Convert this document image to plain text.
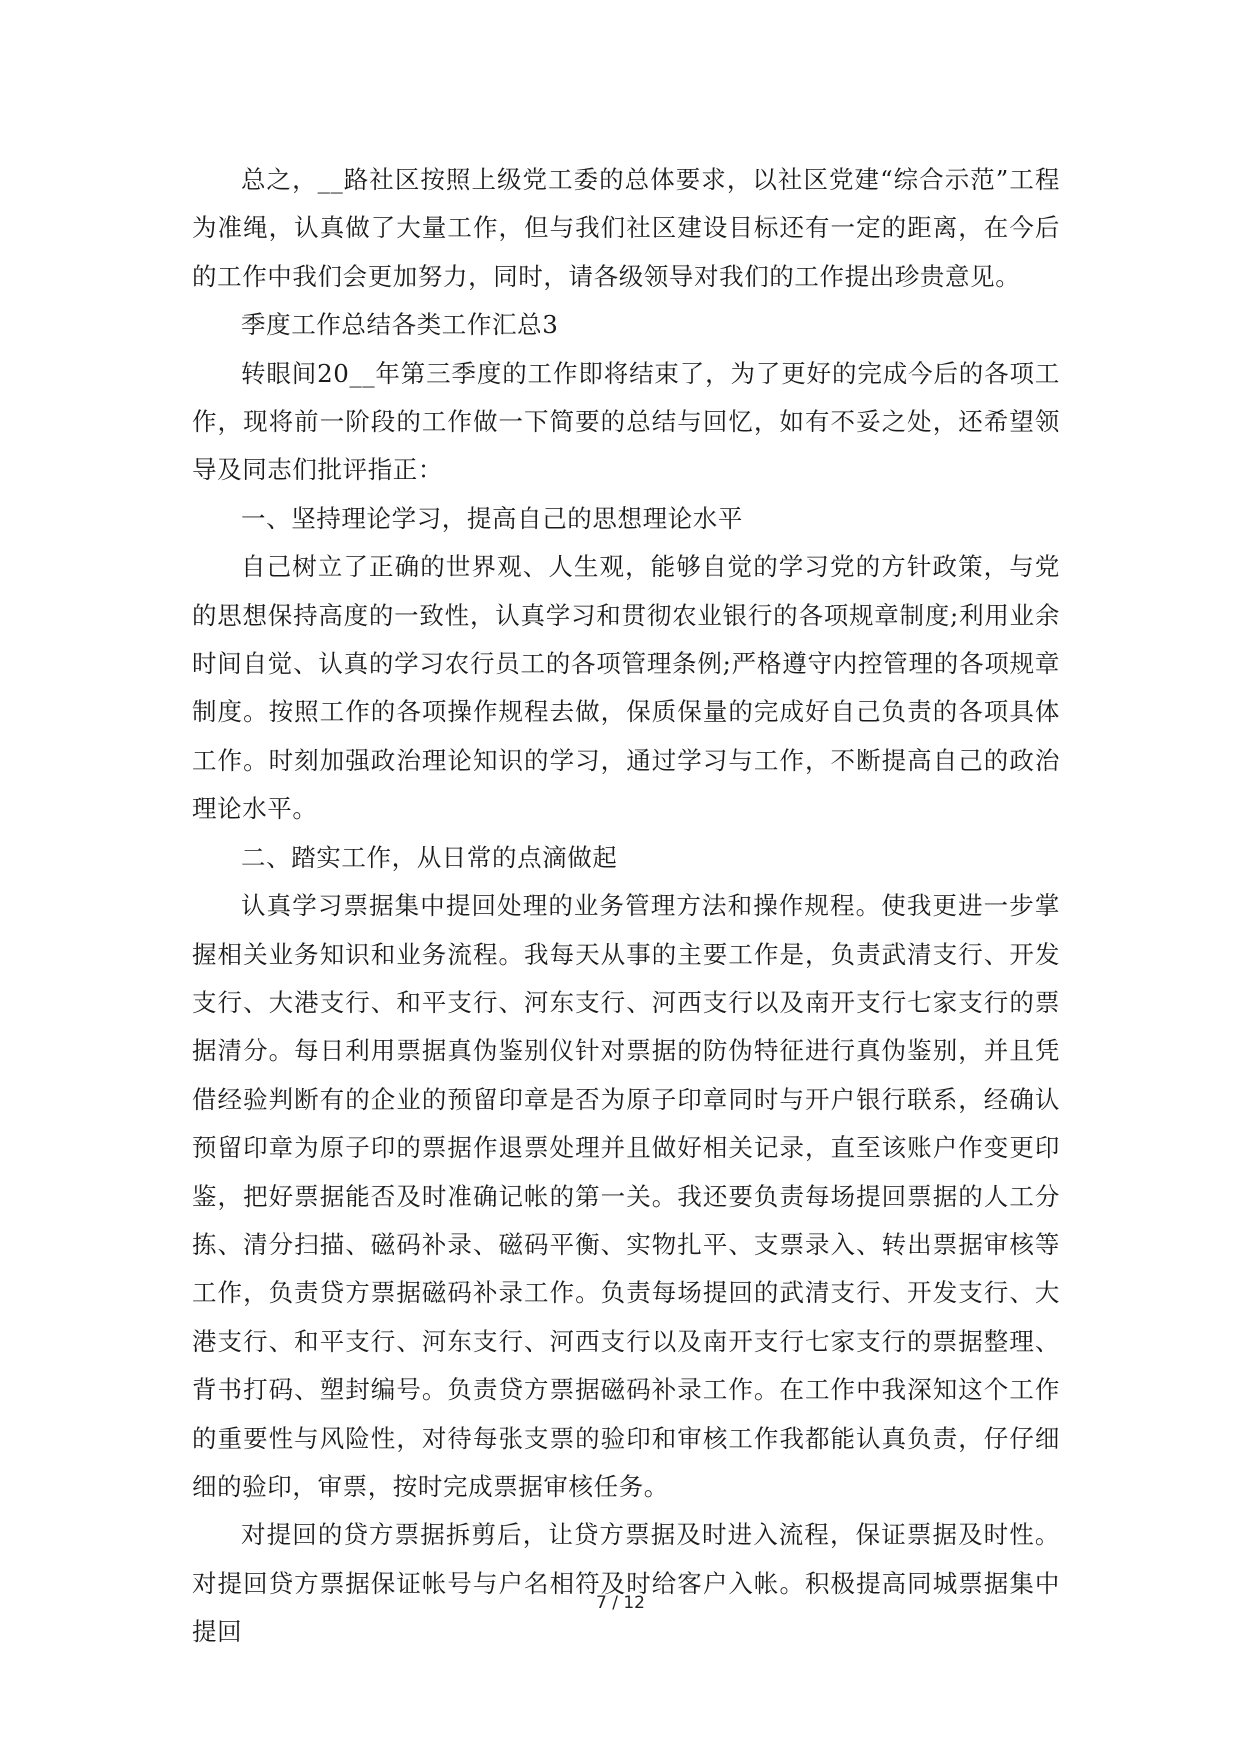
总之，__路社区按照上级党工委的总体要求，以社区党建“综合示范”工程为准绳，认真做了大量工作，但与我们社区建设目标还有一定的距离，在今后的工作中我们会更加努力，同时，请各级领导对我们的工作提出珍贵意见。

季度工作总结各类工作汇总3

转眼间20__年第三季度的工作即将结束了，为了更好的完成今后的各项工作，现将前一阶段的工作做一下简要的总结与回忆，如有不妥之处，还希望领导及同志们批评指正：

一、坚持理论学习，提高自己的思想理论水平

自己树立了正确的世界观、人生观，能够自觉的学习党的方针政策，与党的思想保持高度的一致性，认真学习和贯彻农业银行的各项规章制度;利用业余时间自觉、认真的学习农行员工的各项管理条例;严格遵守内控管理的各项规章制度。按照工作的各项操作规程去做，保质保量的完成好自己负责的各项具体工作。时刻加强政治理论知识的学习，通过学习与工作，不断提高自己的政治理论水平。

二、踏实工作，从日常的点滴做起

认真学习票据集中提回处理的业务管理方法和操作规程。使我更进一步掌握相关业务知识和业务流程。我每天从事的主要工作是，负责武清支行、开发支行、大港支行、和平支行、河东支行、河西支行以及南开支行七家支行的票据清分。每日利用票据真伪鉴别仪针对票据的防伪特征进行真伪鉴别，并且凭借经验判断有的企业的预留印章是否为原子印章同时与开户银行联系，经确认预留印章为原子印的票据作退票处理并且做好相关记录，直至该账户作变更印鉴，把好票据能否及时准确记帐的第一关。我还要负责每场提回票据的人工分拣、清分扫描、磁码补录、磁码平衡、实物扎平、支票录入、转出票据审核等工作，负责贷方票据磁码补录工作。负责每场提回的武清支行、开发支行、大港支行、和平支行、河东支行、河西支行以及南开支行七家支行的票据整理、背书打码、塑封编号。负责贷方票据磁码补录工作。在工作中我深知这个工作的重要性与风险性，对待每张支票的验印和审核工作我都能认真负责，仔仔细细的验印，审票，按时完成票据审核任务。

对提回的贷方票据拆剪后，让贷方票据及时进入流程，保证票据及时性。对提回贷方票据保证帐号与户名相符及时给客户入帐。积极提高同城票据集中提回

7 / 12
